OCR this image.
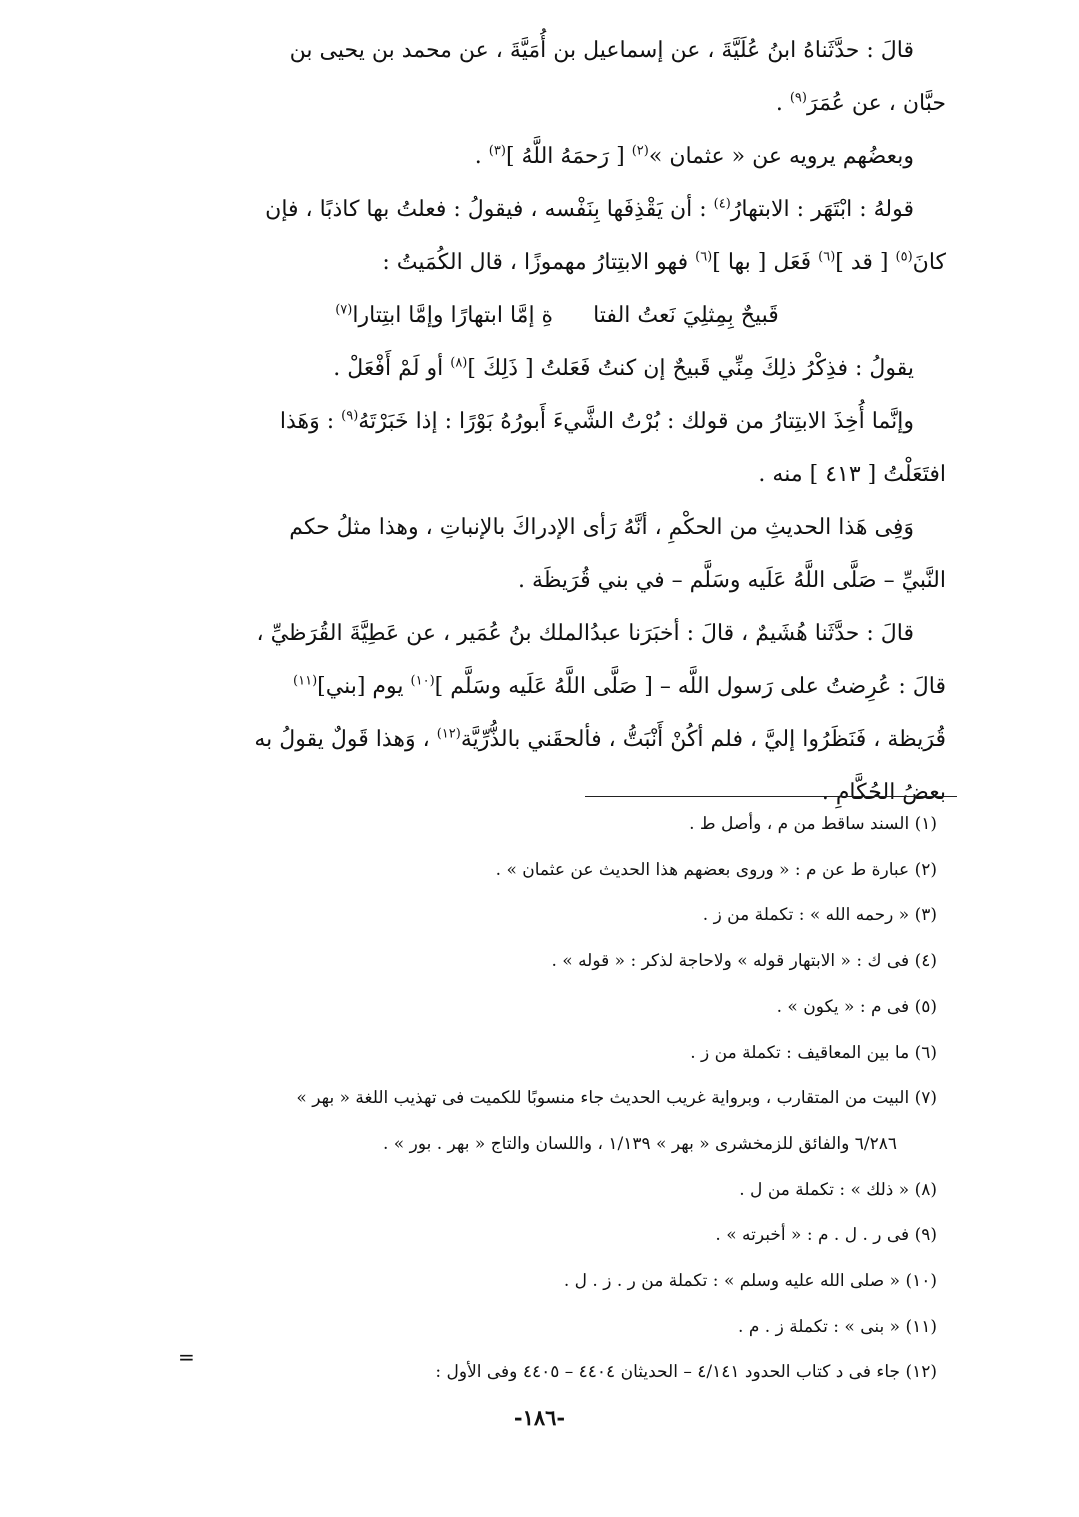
قالَ : حدَّثَناهُ ابنُ عُلَيَّةَ ، عن إسماعيل بن أُمَيَّةَ ، عن محمد بن يحيى بن
حبَّان ، عن عُمَرَ$^{(٩)}$ .

وبعضُهم يرويه عن « عثمان »$^{(٢)}$ [ رَحمَهُ اللَّهُ ]$^{(٣)}$ .

قولهُ : ابْتَهَر : الابتهارُ$^{(٤)}$ : أن يَقْذِفَها بِنَفْسه ، فيقولُ : فعلتُ بها كاذبًا ، فإن
كانَ$^{(٥)}$ [ قد ]$^{(٦)}$ فَعَل [ بها ]$^{(٦)}$ فهو الابتِتارُ مهموزًا ، قال الكُمَيتُ :

قَبيحٌ بِمِثلِيَ نَعتُ الفتا
ةِ إمَّا ابتهارًا وإمَّا ابتِتارا$^{(٧)}$

يقولُ : فذِكْرُ ذلِكَ مِنِّي قَبيحٌ إن كنتُ فَعَلتُ [ ذَلِكَ ]$^{(٨)}$ أو لَمْ أَفْعَلْ .

وإنَّما أُخِذَ الابتِتارُ من قولك : بُرْتُ الشَّيءَ أَبورُهُ بَوْرًا : إذا خَبَرْتَهُ$^{(٩)}$ : وَهَذا
افتَعَلْتُ [ ٤١٣ ] منه .

وَفِى هَذا الحديثِ من الحكْمِ ، أنَّهُ رَأى الإدراكَ بالإنباتِ ، وهذا مثلُ حكم
النَّبيِّ – صَلَّى اللَّهُ عَلَيه وسَلَّم – في بني قُرَيظَة .

قالَ : حدَّثَنا هُشَيمٌ ، قالَ : أخبَرَنا عبدُالملك بنُ عُمَير ، عن عَطِيَّةَ القُرَظيِّ ،
قالَ : عُرِضتُ على رَسول اللَّه – [ صَلَّى اللَّهُ عَلَيه وسَلَّم ]$^{(١٠)}$ يوم [بني]$^{(١١)}$
قُرَيظة ، فَنَظَرُوا إليَّ ، فلم أكُنْ أَنْبَتُّ ، فألحقَني بالذُّرِّيَّة$^{(١٢)}$ ، وَهذا قَولٌ يقولُ به
بعضُ الحُكَّامِ .

(١) السند ساقط من م ، وأصل ط .

(٢) عبارة ط عن م : « وروى بعضهم هذا الحديث عن عثمان » .

(٣) « رحمه الله » : تكملة من ز .

(٤) فى ك : « الابتهار قوله » ولاحاجة لذكر : « قوله » .

(٥) فى م : « يكون » .

(٦) ما بين المعاقيف : تكملة من ز .

(٧) البيت من المتقارب ، وبرواية غريب الحديث جاء منسوبًا للكميت فى تهذيب اللغة « بهر »

٦/٢٨٦ والفائق للزمخشرى « بهر » ١/١٣٩ ، واللسان والتاج « بهر . بور » .

(٨) « ذلك » : تكملة من ل .

(٩) فى ر . ل . م : « أخبرته » .

(١٠) « صلى الله عليه وسلم » : تكملة من ر . ز . ل .

(١١) « بنى » : تكملة ز . م .

(١٢) جاء فى د كتاب الحدود ٤/١٤١ – الحديثان ٤٤٠٤ – ٤٤٠٥ وفى الأول :

=
-١٨٦-
